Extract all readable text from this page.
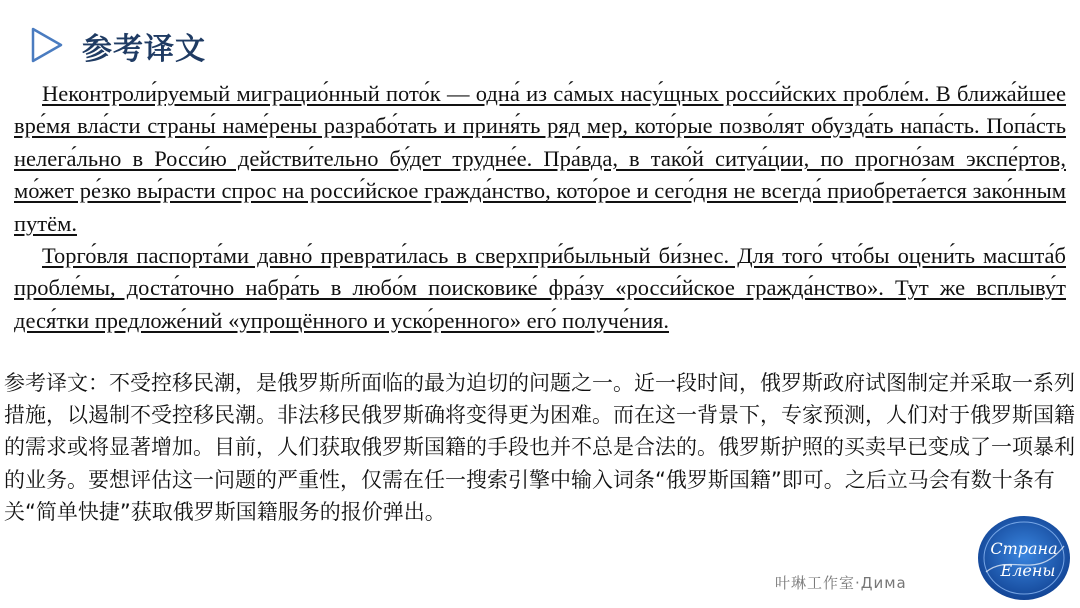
参考译文

Неконтроли́руемый миграцио́нный пото́к — одна́ из са́мых насу́щных росси́йских пробле́м. В ближа́йшее вре́мя вла́сти страны́ наме́рены разрабо́тать и приня́ть ряд мер, кото́рые позво́лят обузда́ть напа́сть. Попа́сть нелега́льно в Росси́ю действи́тельно бу́дет трудне́е. Пра́вда, в тако́й ситуа́ции, по прогно́зам экспе́ртов, мо́жет ре́зко вы́расти спрос на росси́йское гражда́нство, кото́рое и сего́дня не всегда́ приобрета́ется зако́нным путём.

Торго́вля паспорта́ми давно́ преврати́лась в сверхпри́быльный би́знес. Для того́ что́бы оцени́ть масшта́б пробле́мы, доста́точно набра́ть в любо́м поисковике́ фра́зу «росси́йское гражда́нство». Тут же всплыву́т деся́тки предложе́ний «упрощённого и уско́ренного» его́ получе́ния.

参考译文：不受控移民潮，是俄罗斯所面临的最为迫切的问题之一。近一段时间，俄罗斯政府试图制定并采取一系列措施，以遏制不受控移民潮。非法移民俄罗斯确将变得更为困难。而在这一背景下，专家预测，人们对于俄罗斯国籍的需求或将显著增加。目前，人们获取俄罗斯国籍的手段也并不总是合法的。俄罗斯护照的买卖早已变成了一项暴利的业务。要想评估这一问题的严重性，仅需在任一搜索引擎中输入词条“俄罗斯国籍”即可。之后立马会有数十条有关“简单快捷”获取俄罗斯国籍服务的报价弹出。

叶琳工作室·Дима
Страна
Елены
